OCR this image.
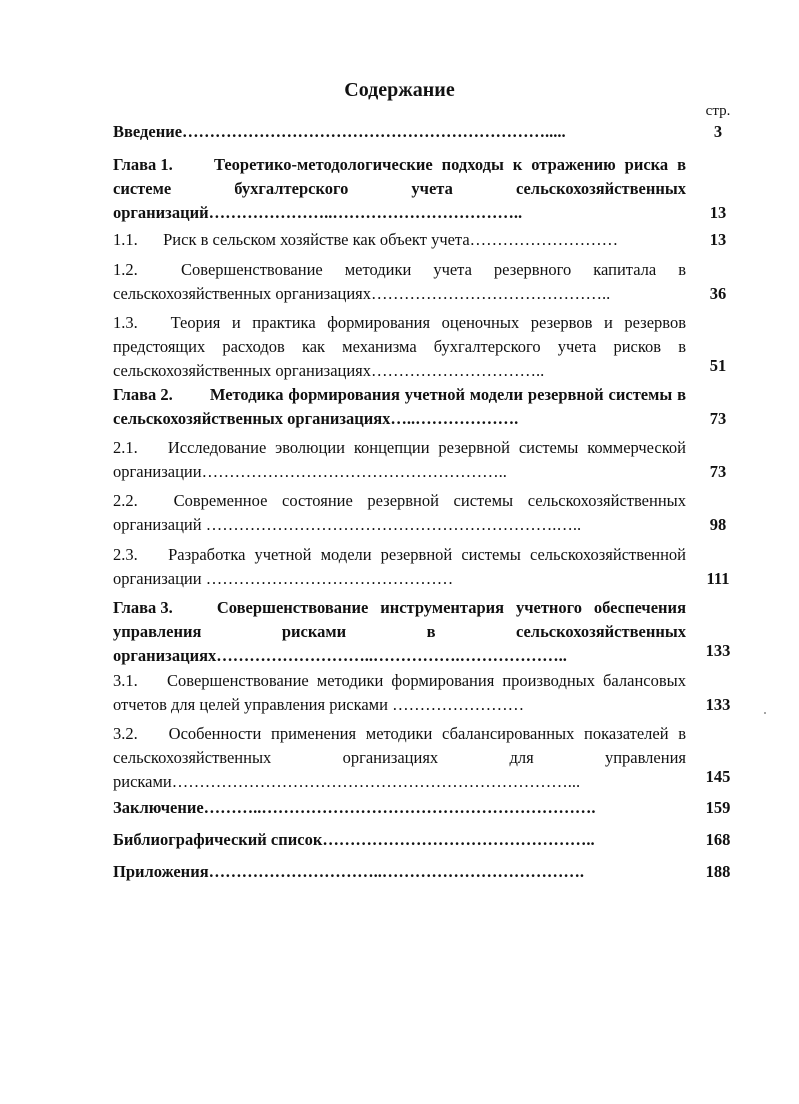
Содержание
стр.
Введение………………………………………………………….....	3
Глава 1. Теоретико-методологические подходы к отражению риска в системе бухгалтерского учета сельскохозяйственных организаций…………………..……………………………..	13
1.1. Риск в сельском хозяйстве как объект учета………………………	13
1.2.	Совершенствование методики учета резервного капитала в сельскохозяйственных организациях……………………………………..	36
1.3. Теория и практика формирования оценочных резервов и резервов предстоящих расходов как механизма бухгалтерского учета рисков в сельскохозяйственных организациях…………………………..	51
Глава 2. Методика формирования учетной модели резервной системы в сельскохозяйственных организациях…..……………….	73
2.1. Исследование эволюции концепции резервной системы коммерческой организации………………………………………………..	73
2.2. Современное состояние резервной системы сельскохозяйственных организаций ……………………………………………………….…..	98
2.3. Разработка учетной модели резервной системы сельскохозяйственной организации ………………………………………	111
Глава 3.	Совершенствование инструментария учетного обеспечения управления рисками в сельскохозяйственных организациях………………………..…………….………………..	133
3.1. Совершенствование методики формирования производных балансовых отчетов для целей управления рисками ……………………	133
3.2. Особенности применения методики сбалансированных показателей в сельскохозяйственных организациях для управления рисками………………………………………………………………...	145
Заключение………..…………………………………………………….	159
Библиографический список…………………………………………..	168
Приложения…………………………..……………………………….	188
